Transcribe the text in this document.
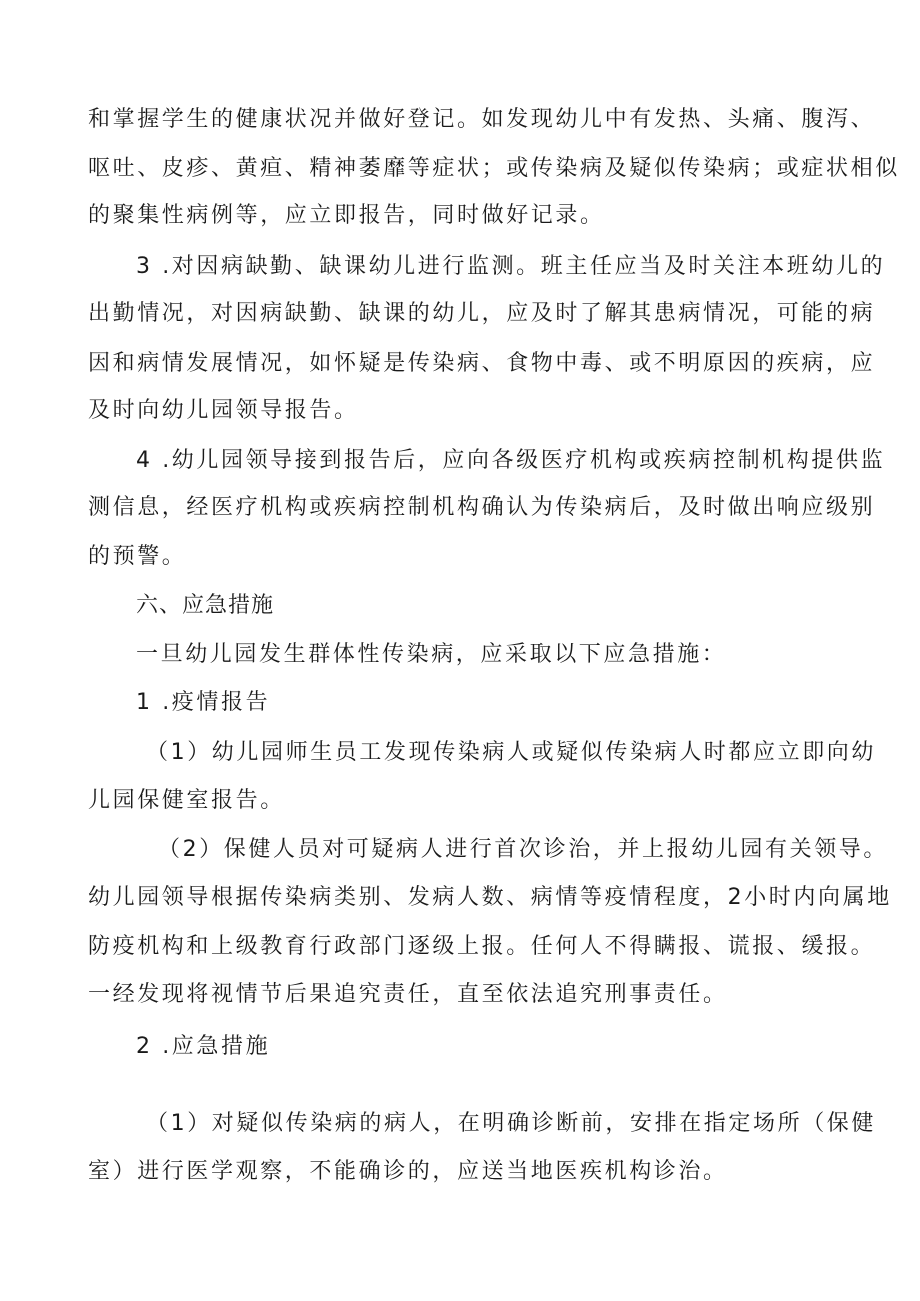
和掌握学生的健康状况并做好登记。如发现幼儿中有发热、头痛、腹泻、
呕吐、皮疹、黄疸、精神萎靡等症状；或传染病及疑似传染病；或症状相似
的聚集性病例等，应立即报告，同时做好记录。
3 .对因病缺勤、缺课幼儿进行监测。班主任应当及时关注本班幼儿的
出勤情况，对因病缺勤、缺课的幼儿，应及时了解其患病情况，可能的病
因和病情发展情况，如怀疑是传染病、食物中毒、或不明原因的疾病，应
及时向幼儿园领导报告。
4 .幼儿园领导接到报告后，应向各级医疗机构或疾病控制机构提供监
测信息，经医疗机构或疾病控制机构确认为传染病后，及时做出响应级别
的预警。
六、应急措施
一旦幼儿园发生群体性传染病，应采取以下应急措施：
1 .疫情报告
（1）幼儿园师生员工发现传染病人或疑似传染病人时都应立即向幼
儿园保健室报告。
（2）保健人员对可疑病人进行首次诊治，并上报幼儿园有关领导。
幼儿园领导根据传染病类别、发病人数、病情等疫情程度，2小时内向属地
防疫机构和上级教育行政部门逐级上报。任何人不得瞒报、谎报、缓报。
一经发现将视情节后果追究责任，直至依法追究刑事责任。
2 .应急措施
（1）对疑似传染病的病人，在明确诊断前，安排在指定场所（保健
室）进行医学观察，不能确诊的，应送当地医疾机构诊治。
